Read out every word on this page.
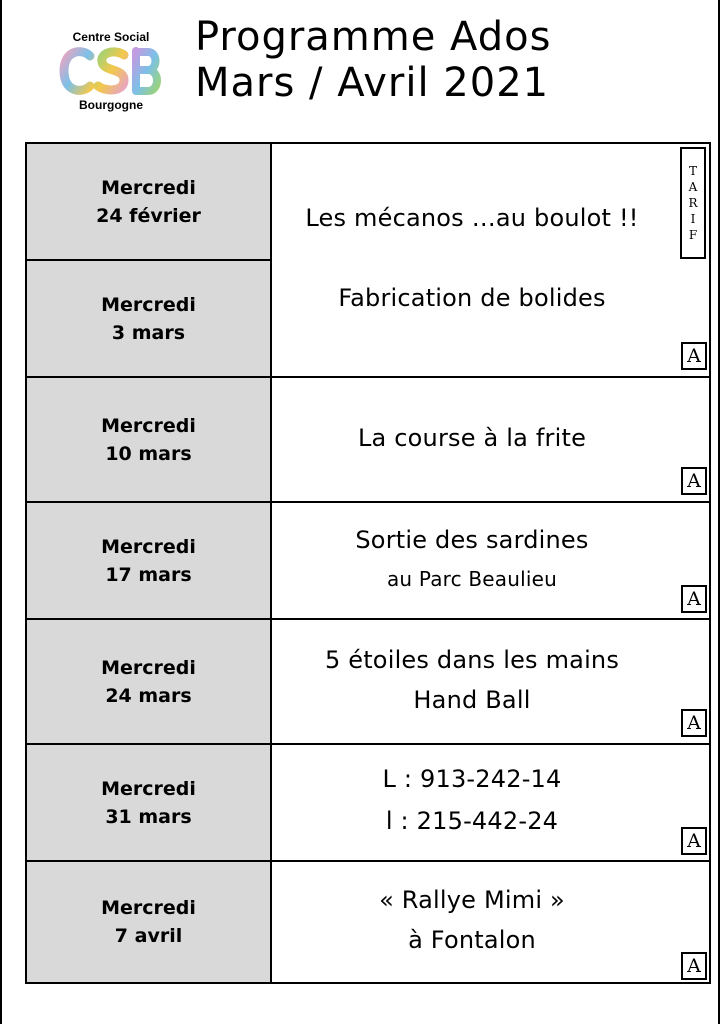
Centre Social
Bourgogne
Programme Ados
Mars / Avril 2021
Mercredi
24 février
Mercredi
3 mars
Mercredi
10 mars
Mercredi
17 mars
Mercredi
24 mars
Mercredi
31 mars
Mercredi
7 avril
Les mécanos …au boulot !!
Fabrication de bolides
T
A
R
I
F
A
La course à la frite
A
Sortie des sardines
au Parc Beaulieu
A
5 étoiles dans les mains
Hand Ball
A
L : 913-242-14
l : 215-442-24
A
« Rallye Mimi »
à Fontalon
A
